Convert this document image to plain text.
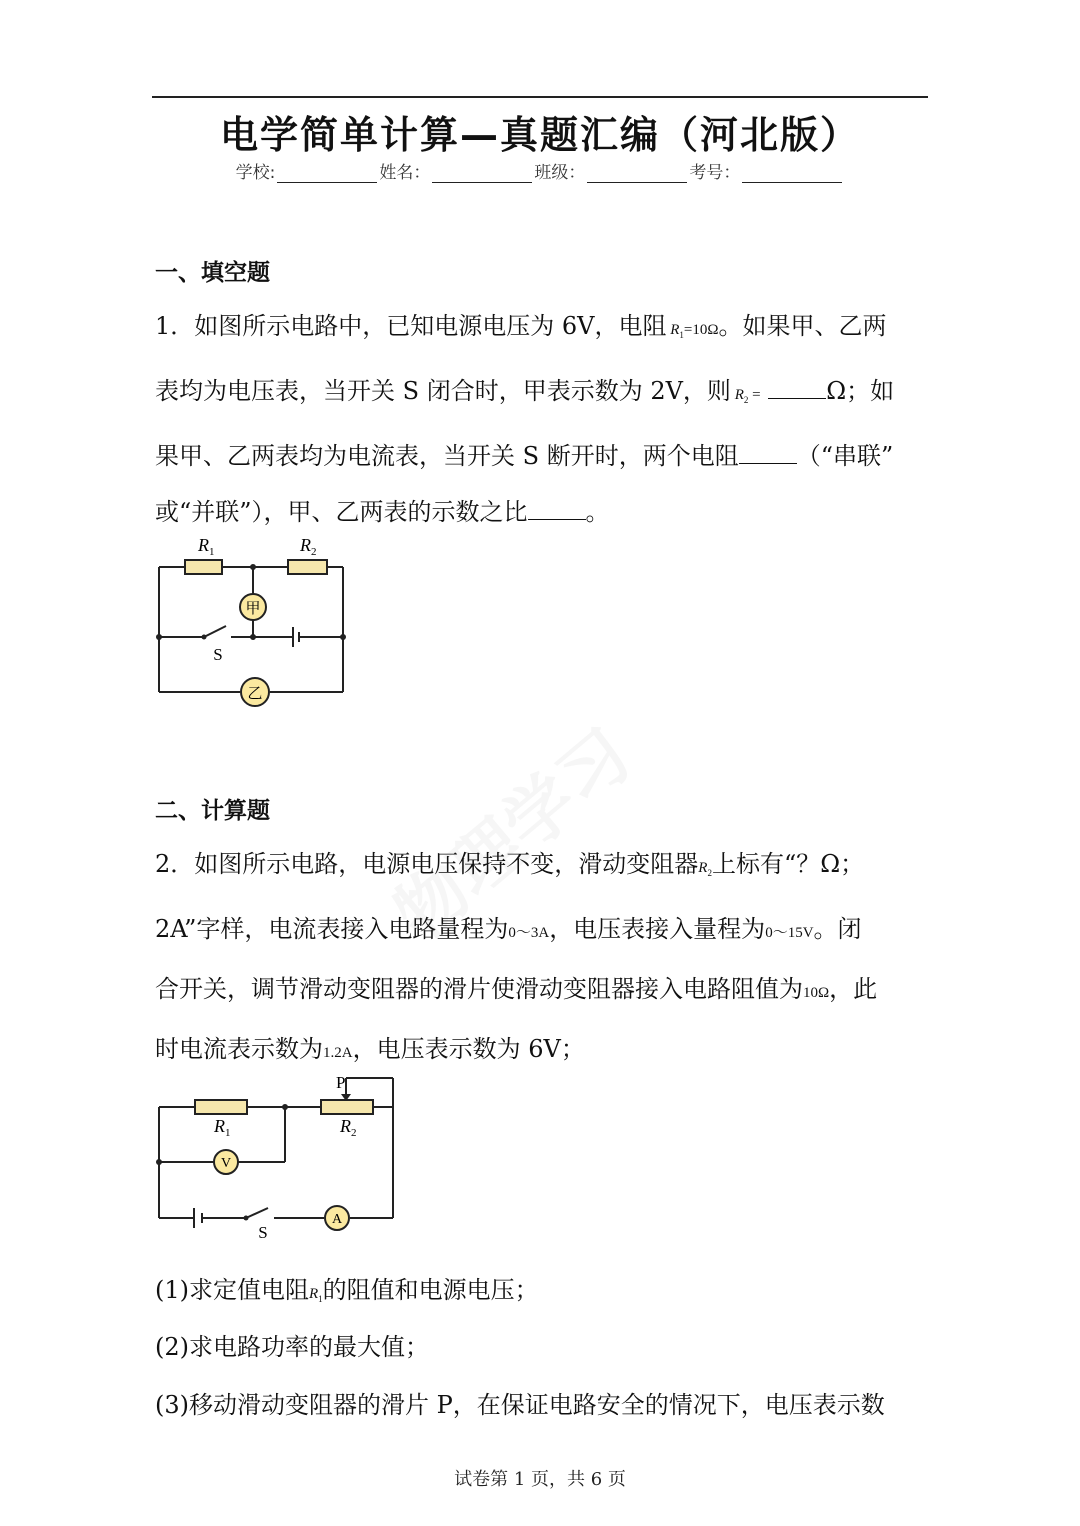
电学简单计算—真题汇编（河北版）
学校:	姓名：	班级：	考号：
一、填空题

1．如图所示电路中，已知电源电压为 6V，电阻 $R_1=10\Omega$。如果甲、乙两

表均为电压表，当开关 S 闭合时，甲表示数为 2V，则 $R_2$ =	Ω；如

果甲、乙两表均为电流表，当开关 S 断开时，两个电阻 （“串联”

或“并联”），甲、乙两表的示数之比 。

$R_1$	$R_2$
甲
乙
S
二、计算题

2．如图所示电路，电源电压保持不变，滑动变阻器$R_2$上标有“？Ω；

2A”字样，电流表接入电路量程为0～3A，电压表接入量程为0～15V。闭

合开关，调节滑动变阻器的滑片使滑动变阻器接入电路阻值为10Ω，此

时电流表示数为1.2A，电压表示数为 6V；

P
$R_1$	$R_2$
V
A
S
(1)求定值电阻$R_1$的阻值和电源电压；
(2)求电路功率的最大值；
(3)移动滑动变阻器的滑片 P，在保证电路安全的情况下，电压表示数
试卷第 1 页，共 6 页
